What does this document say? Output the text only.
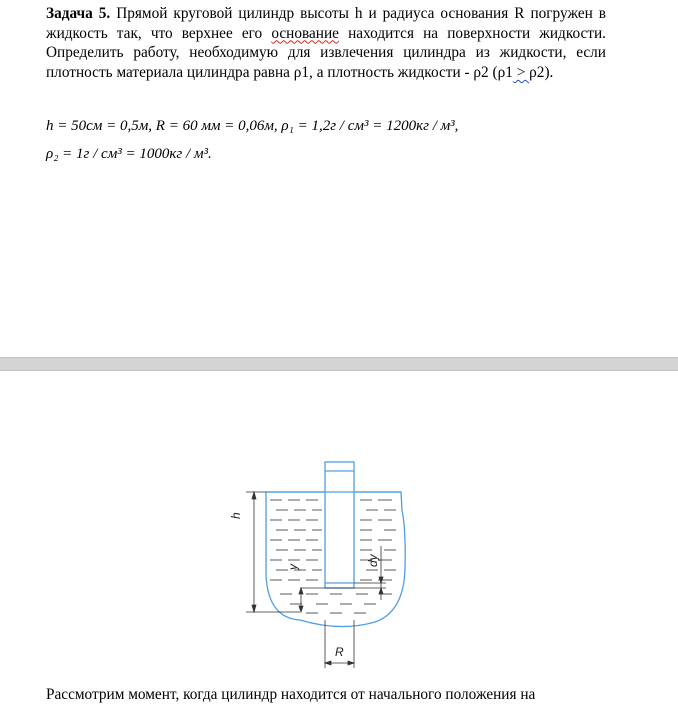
Задача 5. Прямой круговой цилиндр высоты h и радиуса основания R погружен в жидкость так, что верхнее его основание находится на поверхности жидкости. Определить работу, необходимую для извлечения цилиндра из жидкости, если плотность материала цилиндра равна ρ1, а плотность жидкости - ρ2 (ρ1 > ρ2).
h = 50см = 0,5м, R = 60 мм = 0,06м, ρ₁ = 1,2г / см³ = 1200кг / м³,
ρ₂ = 1г / см³ = 1000кг / м³.
h
y	dy
R
Рассмотрим момент, когда цилиндр находится от начального положения на
